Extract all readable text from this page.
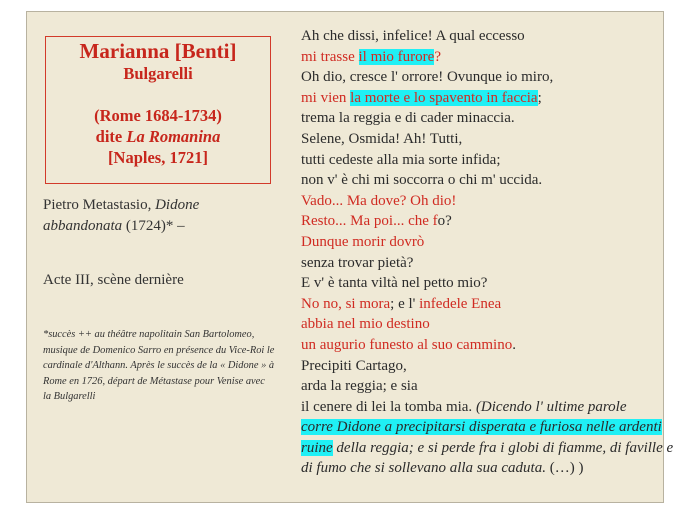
Marianna [Benti]
Bulgarelli
(Rome 1684-1734)
dite La Romanina
[Naples, 1721]
Pietro Metastasio, Didone abbandonata (1724)* –
Acte III, scène dernière
*succès ++ au théâtre napolitain San Bartolomeo, musique de Domenico Sarro en présence du Vice-Roi le cardinale d'Althann. Après le succès de la « Didone » à Rome en 1726, départ de Métastase pour Venise avec la Bulgarelli
Ah che dissi, infelice! A qual eccesso
mi trasse il mio furore?
Oh dio, cresce l' orrore! Ovunque io miro,
mi vien la morte e lo spavento in faccia;
trema la reggia e di cader minaccia.
Selene, Osmida! Ah! Tutti,
tutti cedeste alla mia sorte infida;
non v' è chi mi soccorra o chi m' uccida.
Vado... Ma dove? Oh dio!
Resto... Ma poi... che fo?
Dunque morir dovrò
senza trovar pietà?
E v' è tanta viltà nel petto mio?
No no, si mora; e l' infedele Enea
abbia nel mio destino
un augurio funesto al suo cammino.
Precipiti Cartago,
arda la reggia; e sia
il cenere di lei la tomba mia. (Dicendo l' ultime parole
corre Didone a precipitarsi disperata e furiosa nelle ardenti
ruine della reggia; e si perde fra i globi di fiamme, di faville e
di fumo che si sollevano alla sua caduta. (…) )
